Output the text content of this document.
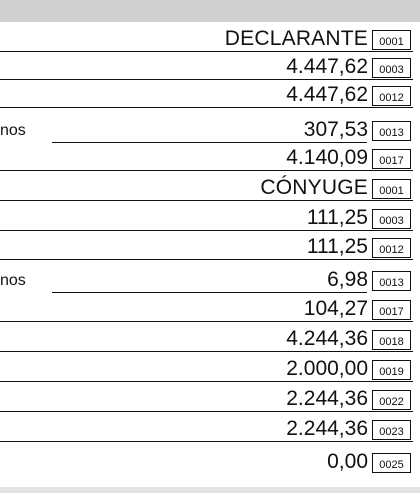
DECLARANTE	0001
4.447,62	0003
4.447,62	0012
nos	307,53	0013
4.140,09	0017
CÓNYUGE	0001
111,25	0003
111,25	0012
nos	6,98	0013
104,27	0017
4.244,36	0018
2.000,00	0019
2.244,36	0022
2.244,36	0023
0,00	0025
